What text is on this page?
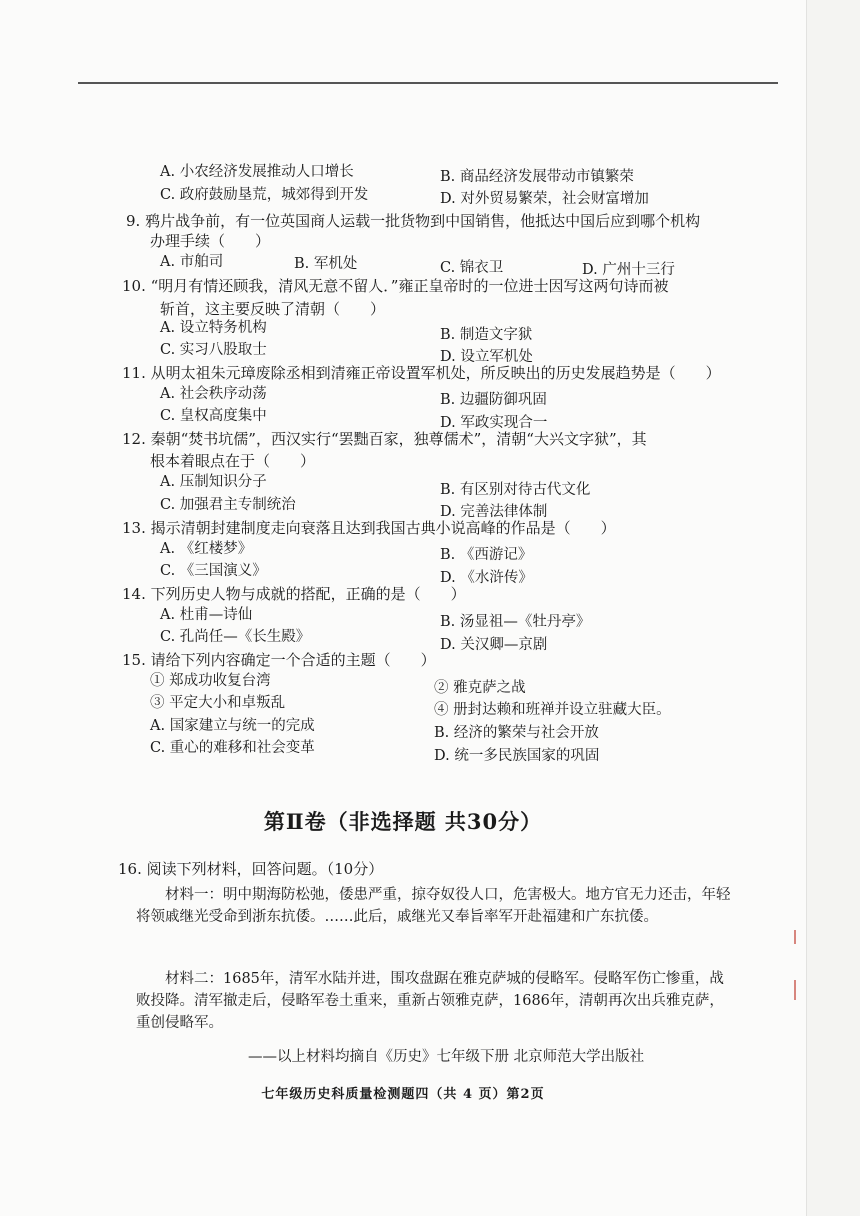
A. 小农经济发展推动人口增长	B. 商品经济发展带动市镇繁荣
C. 政府鼓励垦荒，城郊得到开发	D. 对外贸易繁荣，社会财富增加
9. 鸦片战争前，有一位英国商人运载一批货物到中国销售，他抵达中国后应到哪个机构
办理手续（　　）
A. 市舶司	B. 军机处	C. 锦衣卫	D. 广州十三行
10. “明月有情还顾我，清风无意不留人．”雍正皇帝时的一位进士因写这两句诗而被
斩首，这主要反映了清朝（　　）
A. 设立特务机构	B. 制造文字狱
C. 实习八股取士	D. 设立军机处
11. 从明太祖朱元璋废除丞相到清雍正帝设置军机处，所反映出的历史发展趋势是（　　）
A. 社会秩序动荡	B. 边疆防御巩固
C. 皇权高度集中	D. 军政实现合一
12. 秦朝“焚书坑儒”，西汉实行“罢黜百家，独尊儒术”，清朝“大兴文字狱”，其
根本着眼点在于（　　）
A. 压制知识分子	B. 有区别对待古代文化
C. 加强君主专制统治	D. 完善法律体制
13. 揭示清朝封建制度走向衰落且达到我国古典小说高峰的作品是（　　）
A. 《红楼梦》	B. 《西游记》
C. 《三国演义》	D. 《水浒传》
14. 下列历史人物与成就的搭配，正确的是（　　）
A. 杜甫—诗仙	B. 汤显祖—《牡丹亭》
C. 孔尚任—《长生殿》	D. 关汉卿—京剧
15. 请给下列内容确定一个合适的主题（　　）
① 郑成功收复台湾	② 雅克萨之战
③ 平定大小和卓叛乱	④ 册封达赖和班禅并设立驻藏大臣。
A. 国家建立与统一的完成	B. 经济的繁荣与社会开放
C. 重心的难移和社会变革	D. 统一多民族国家的巩固
第Ⅱ卷（非选择题 共30分）
16. 阅读下列材料，回答问题。（10分）
材料一：明中期海防松弛，倭患严重，掠夺奴役人口，危害极大。地方官无力还击，年轻将领戚继光受命到浙东抗倭。……此后，戚继光又奉旨率军开赴福建和广东抗倭。
材料二：1685年，清军水陆并进，围攻盘踞在雅克萨城的侵略军。侵略军伤亡惨重，战败投降。清军撤走后，侵略军卷土重来，重新占领雅克萨，1686年，清朝再次出兵雅克萨，重创侵略军。
——以上材料均摘自《历史》七年级下册 北京师范大学出版社
七年级历史科质量检测题四（共 4 页）第2页
